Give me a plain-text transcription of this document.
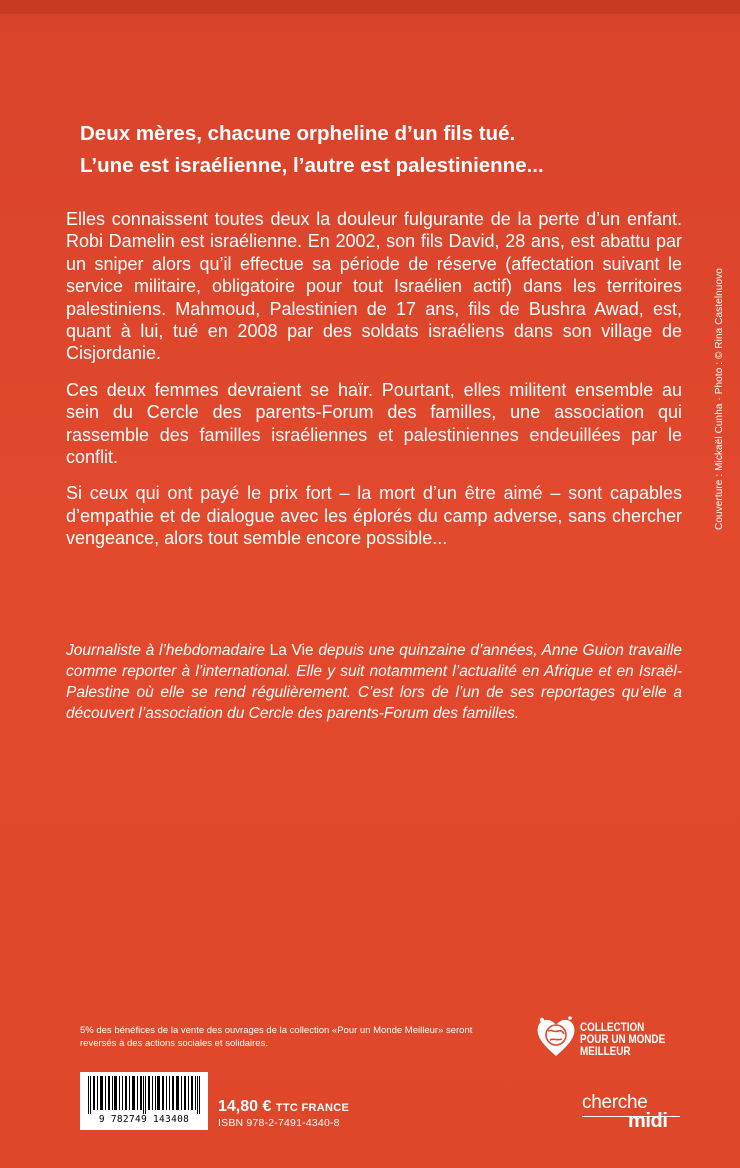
Deux mères, chacune orpheline d’un fils tué.
L’une est israélienne, l’autre est palestinienne...

Elles connaissent toutes deux la douleur fulgurante de la perte d’un enfant. Robi Damelin est israélienne. En 2002, son fils David, 28 ans, est abattu par un sniper alors qu’il effectue sa période de réserve (affectation suivant le service militaire, obligatoire pour tout Israélien actif) dans les territoires palestiniens. Mahmoud, Palestinien de 17 ans, fils de Bushra Awad, est, quant à lui, tué en 2008 par des soldats israéliens dans son village de Cisjordanie.

Ces deux femmes devraient se haïr. Pourtant, elles militent ensemble au sein du Cercle des parents-Forum des familles, une association qui rassemble des familles israéliennes et palestiniennes endeuillées par le conflit.

Si ceux qui ont payé le prix fort – la mort d’un être aimé – sont capables d’empathie et de dialogue avec les éplorés du camp adverse, sans chercher vengeance, alors tout semble encore possible...

Journaliste à l’hebdomadaire La Vie depuis une quinzaine d’années, Anne Guion travaille comme reporter à l’international. Elle y suit notamment l’actualité en Afrique et en Israël-Palestine où elle se rend régulièrement. C’est lors de l’un de ses reportages qu’elle a découvert l’association du Cercle des parents-Forum des familles.
Couverture : Mickaël Cunha · Photo : © Rina Castelnuovo
5% des bénéfices de la vente des ouvrages de la collection «Pour un Monde Meilleur» seront reversés à des actions sociales et solidaires.
9 782749 143408
14,80 € TTC FRANCE
ISBN 978-2-7491-4340-8
COLLECTION
POUR UN MONDE
MEILLEUR
cherche
midi
